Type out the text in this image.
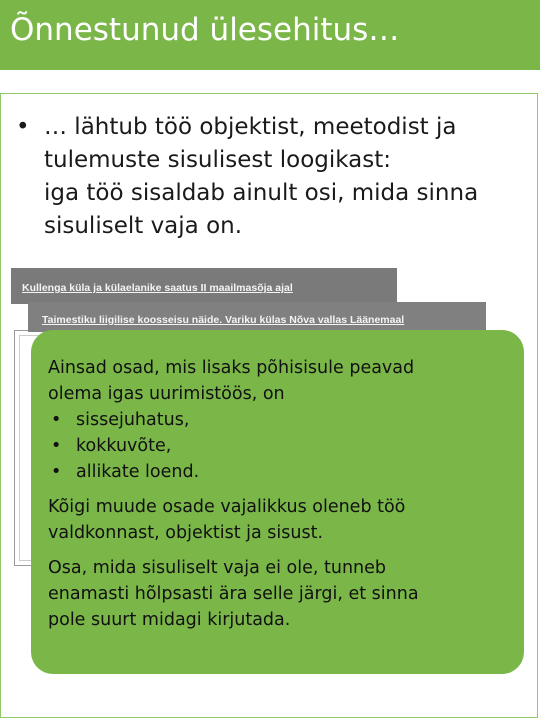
Õnnestunud ülesehitus…
• … lähtub töö objektist, meetodist ja
tulemuste sisulisest loogikast:
iga töö sisaldab ainult osi, mida sinna
sisuliselt vaja on.
Kullenga küla ja külaelanike saatus II maailmasõja ajal
Taimestiku liigilise koosseisu näide. Variku külas Nõva vallas Läänemaal
Ainsad osad, mis lisaks põhisisule peavad
olema igas uurimistöös, on
• sissejuhatus,
• kokkuvõte,
• allikate loend.
Kõigi muude osade vajalikkus oleneb töö
valdkonnast, objektist ja sisust.
Osa, mida sisuliselt vaja ei ole, tunneb
enamasti hõlpsasti ära selle järgi, et sinna
pole suurt midagi kirjutada.
